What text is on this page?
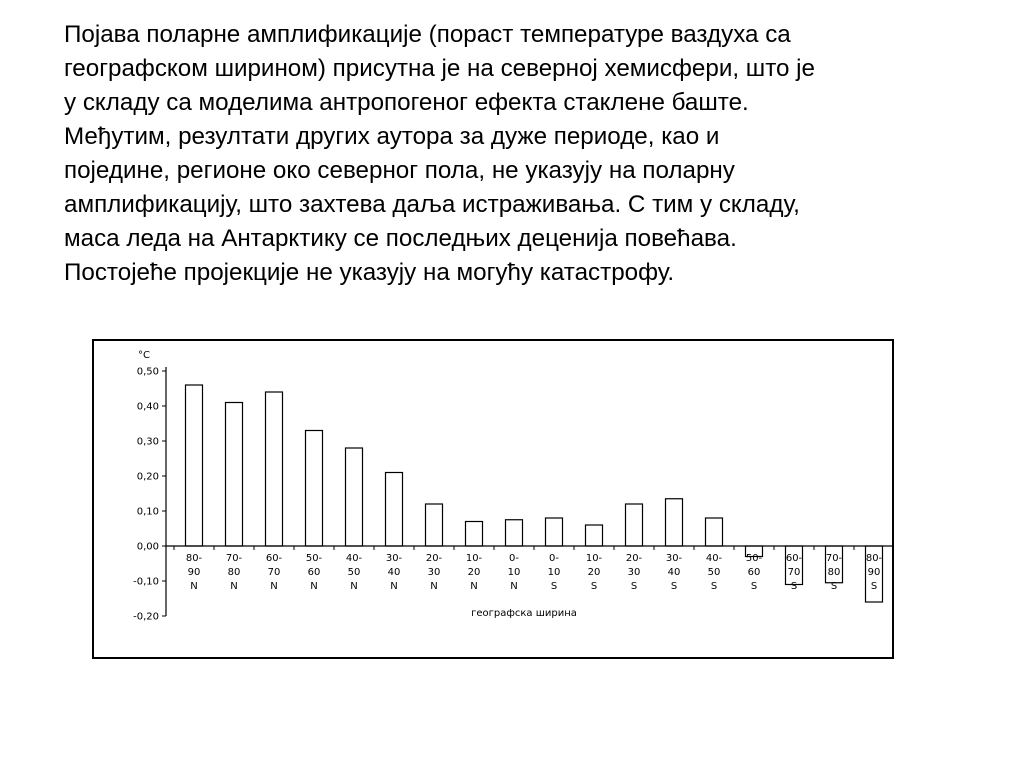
Појава поларне амплификације (пораст температуре ваздуха са
географском ширином) присутна је на северној хемисфери, што је
у складу са моделима антропогеног ефекта стаклене баште.
Међутим, резултати других аутора за дуже периоде, као и
поједине, регионе око северног пола, не указују на поларну
амплификацију, што захтева даља истраживања. С тим у складу,
маса леда на Антарктику се последњих деценија повећава.
Постојеће пројекције не указују на могућу катастрофу.
°C
географска ширина
0,50
0,40
0,30
0,20
0,10
0,00
-0,10
-0,20
80-
90
N
70-
80
N
60-
70
N
50-
60
N
40-
50
N
30-
40
N
20-
30
N
10-
20
N
0-
10
N
0-
10
S
10-
20
S
20-
30
S
30-
40
S
40-
50
S
50-
60
S
60-
70
S
70-
80
S
80-
90
S
